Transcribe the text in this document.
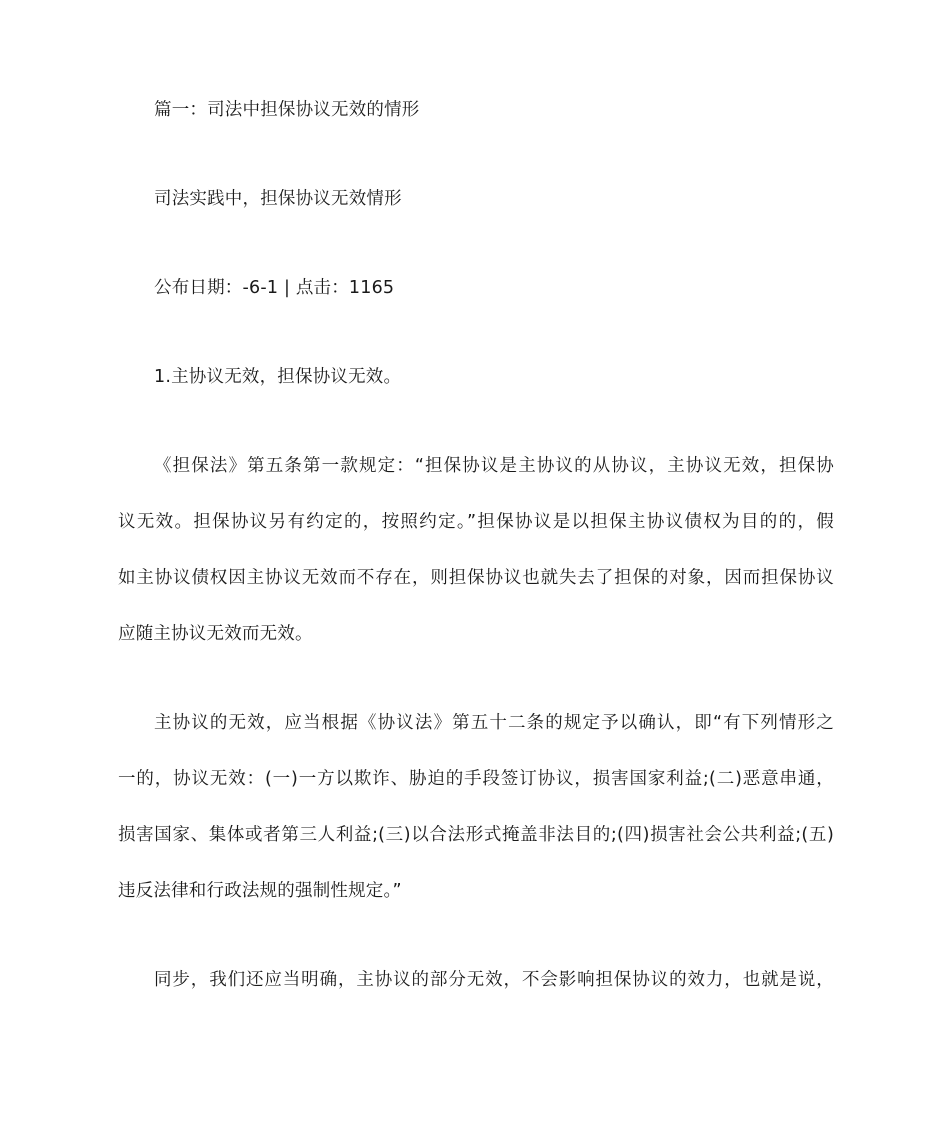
篇一：司法中担保协议无效的情形
司法实践中，担保协议无效情形
公布日期：-6-1 | 点击：1165
1.主协议无效，担保协议无效。
《担保法》第五条第一款规定：“担保协议是主协议的从协议，主协议无效，担保协
议无效。担保协议另有约定的，按照约定。”担保协议是以担保主协议债权为目的的，假
如主协议债权因主协议无效而不存在，则担保协议也就失去了担保的对象，因而担保协议
应随主协议无效而无效。
主协议的无效，应当根据《协议法》第五十二条的规定予以确认，即“有下列情形之
一的，协议无效：(一)一方以欺诈、胁迫的手段签订协议，损害国家利益;(二)恶意串通，
损害国家、集体或者第三人利益;(三)以合法形式掩盖非法目的;(四)损害社会公共利益;(五)
违反法律和行政法规的强制性规定。”
同步，我们还应当明确，主协议的部分无效，不会影响担保协议的效力，也就是说，
